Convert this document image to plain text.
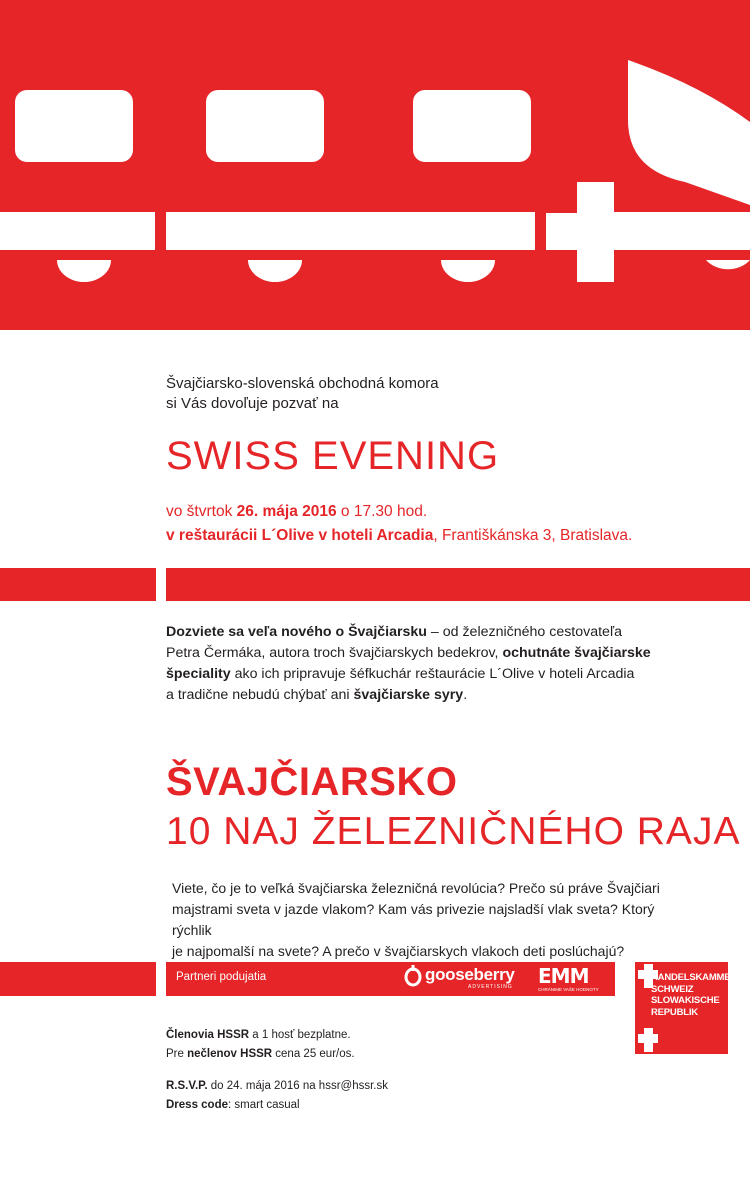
Švajčiarsko-slovenská obchodná komora
si Vás dovoľuje pozvať na
SWISS EVENING
vo štvrtok 26. mája 2016 o 17.30 hod.
v reštaurácii L´Olive v hoteli Arcadia, Františkánska 3, Bratislava.
Dozviete sa veľa nového o Švajčiarsku – od železničného cestovateľa
Petra Čermáka, autora troch švajčiarskych bedekrov, ochutnáte švajčiarske
špeciality ako ich pripravuje šéfkuchár reštaurácie L´Olive v hoteli Arcadia
a tradične nebudú chýbať ani švajčiarske syry.
ŠVAJČIARSKO
10 NAJ ŽELEZNIČNÉHO RAJA
Viete, čo je to veľká švajčiarska železničná revolúcia? Prečo sú práve Švajčiari
majstrami sveta v jazde vlakom? Kam vás privezie najsladší vlak sveta? Ktorý rýchlik
je najpomalší na svete? A prečo v švajčiarskych vlakoch deti poslúchajú?
Partneri podujatia	gooseberry
ADVERTISING EMM
CHRÁNIME VAŠE HODNOTY
HANDELSKAMMER
SCHWEIZ
SLOWAKISCHE
REPUBLIK
Členovia HSSR a 1 hosť bezplatne.
Pre nečlenov HSSR cena 25 eur/os.
R.S.V.P. do 24. mája 2016 na hssr@hssr.sk
Dress code: smart casual
